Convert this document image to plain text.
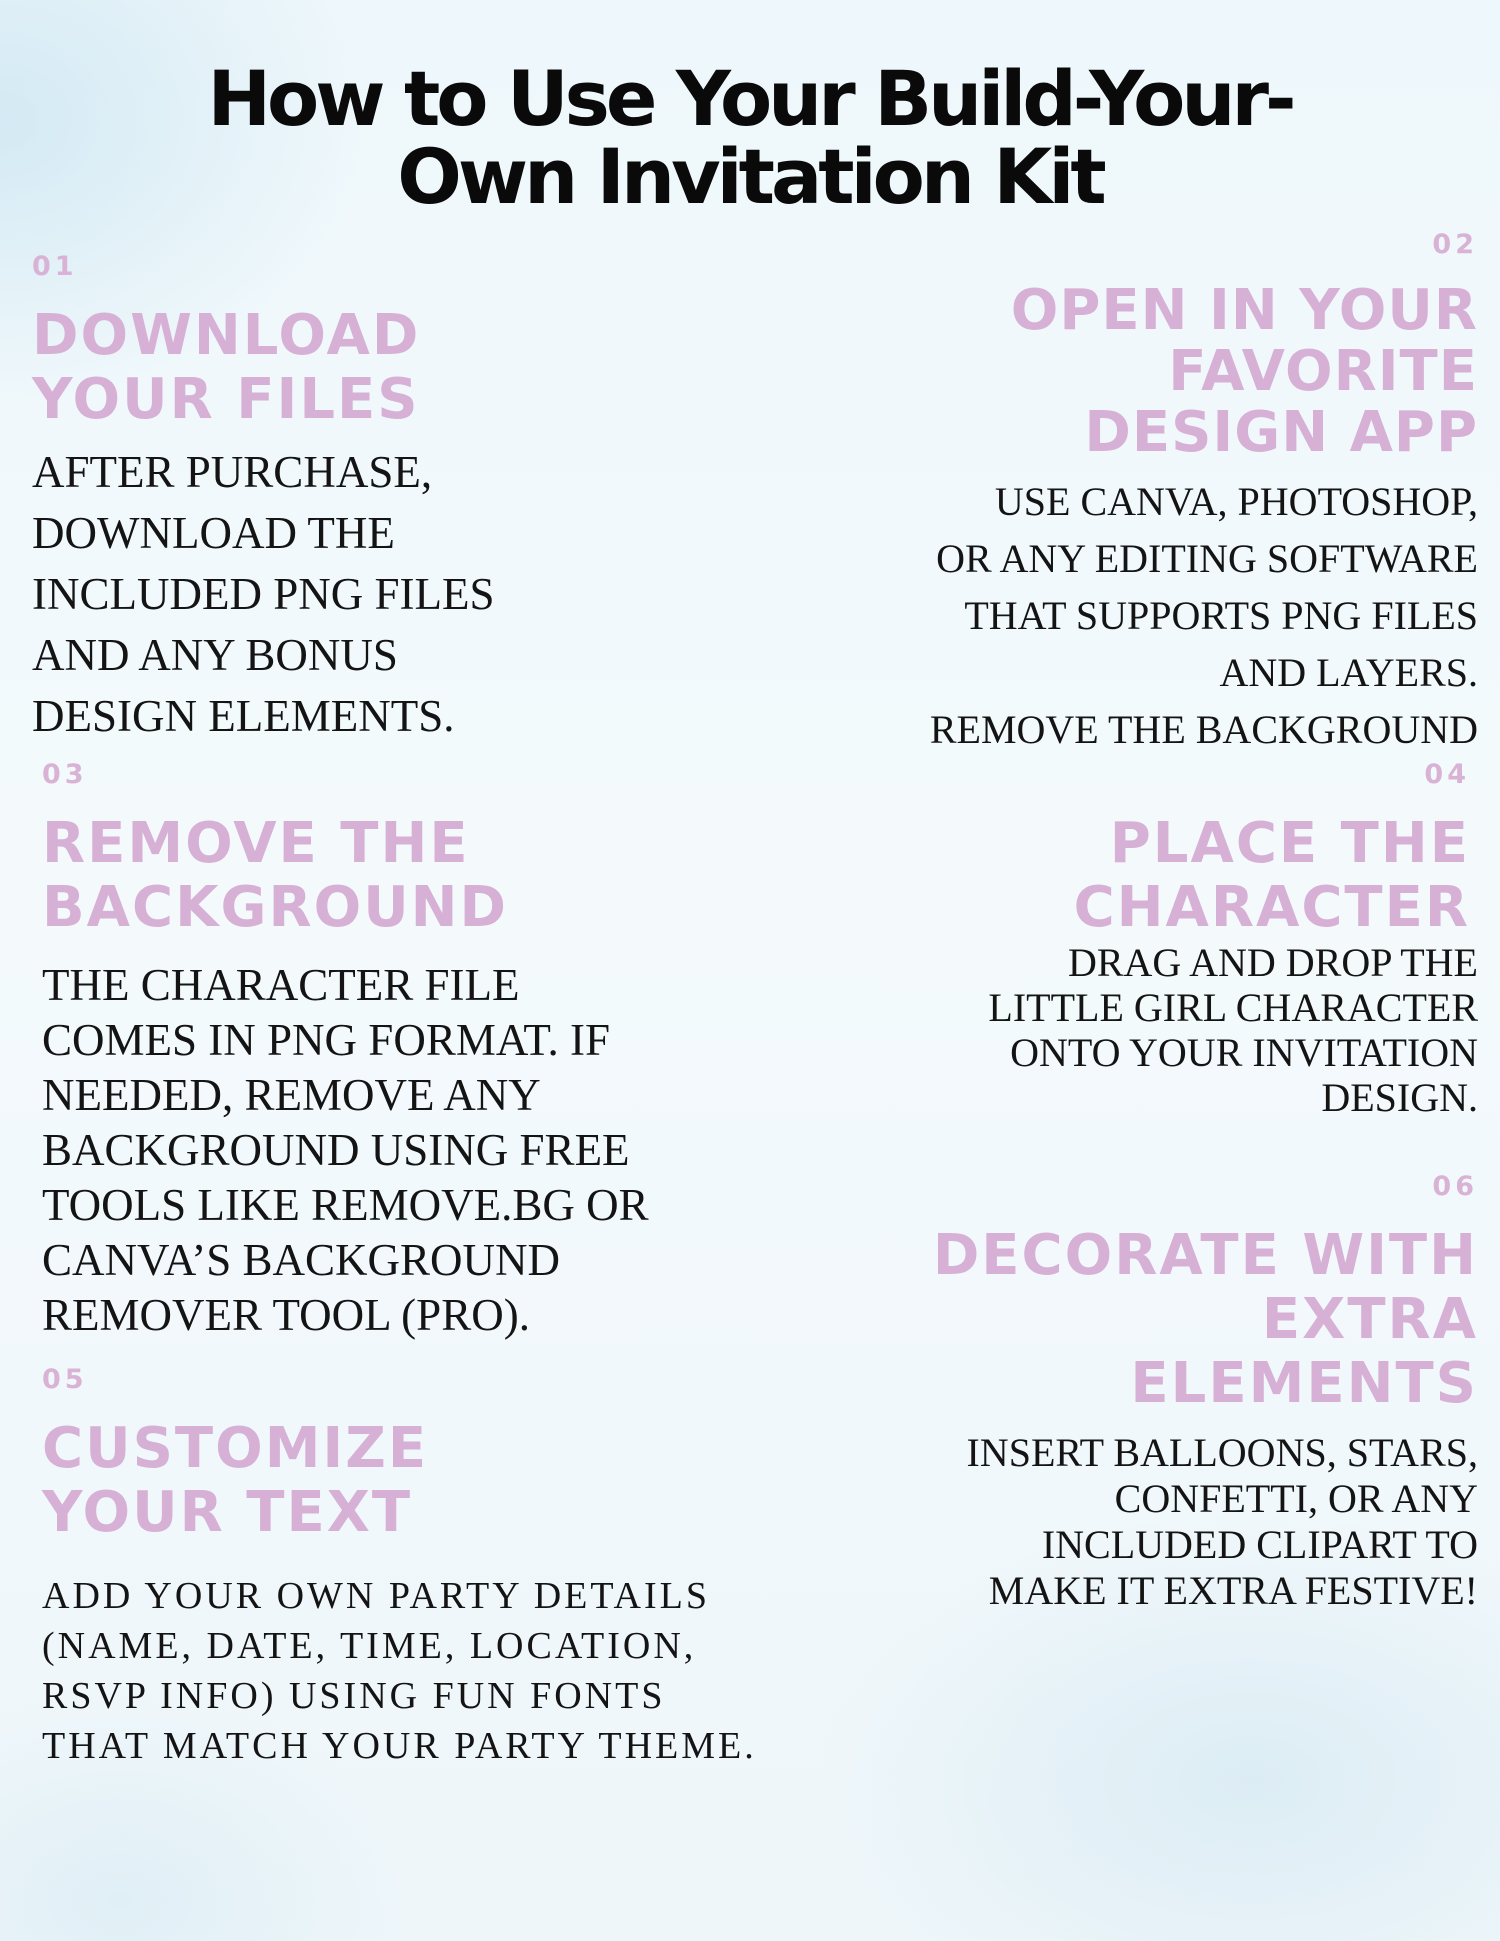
How to Use Your Build-Your-
Own Invitation Kit
01
DOWNLOAD
YOUR FILES
AFTER PURCHASE,
DOWNLOAD THE
INCLUDED PNG FILES
AND ANY BONUS
DESIGN ELEMENTS.
02
OPEN IN YOUR
FAVORITE
DESIGN APP
USE CANVA, PHOTOSHOP,
OR ANY EDITING SOFTWARE
THAT SUPPORTS PNG FILES
AND LAYERS.
REMOVE THE BACKGROUND
03
REMOVE THE
BACKGROUND
THE CHARACTER FILE
COMES IN PNG FORMAT. IF
NEEDED, REMOVE ANY
BACKGROUND USING FREE
TOOLS LIKE REMOVE.BG OR
CANVA’S BACKGROUND
REMOVER TOOL (PRO).
04
PLACE THE
CHARACTER
DRAG AND DROP THE
LITTLE GIRL CHARACTER
ONTO YOUR INVITATION
DESIGN.
05
CUSTOMIZE
YOUR TEXT
ADD YOUR OWN PARTY DETAILS
(NAME, DATE, TIME, LOCATION,
RSVP INFO) USING FUN FONTS
THAT MATCH YOUR PARTY THEME.
06
DECORATE WITH
EXTRA
ELEMENTS
INSERT BALLOONS, STARS,
CONFETTI, OR ANY
INCLUDED CLIPART TO
MAKE IT EXTRA FESTIVE!
